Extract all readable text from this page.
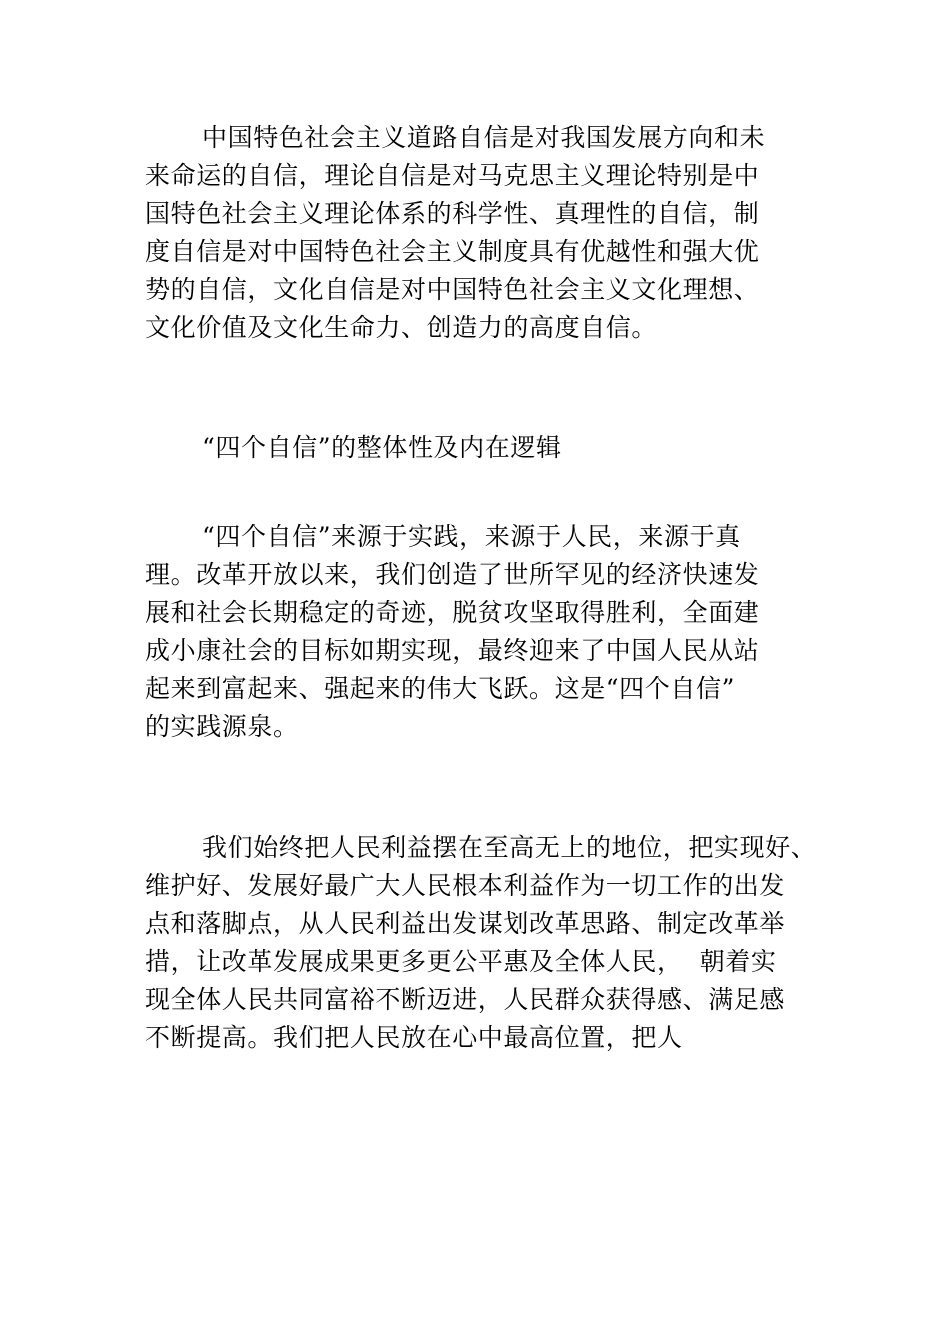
中国特色社会主义道路自信是对我国发展方向和未
来命运的自信，理论自信是对马克思主义理论特别是中
国特色社会主义理论体系的科学性、真理性的自信，制
度自信是对中国特色社会主义制度具有优越性和强大优
势的自信，文化自信是对中国特色社会主义文化理想、
文化价值及文化生命力、创造力的高度自信。
“四个自信”的整体性及内在逻辑
“四个自信”来源于实践，来源于人民，来源于真
理。改革开放以来，我们创造了世所罕见的经济快速发
展和社会长期稳定的奇迹，脱贫攻坚取得胜利，全面建
成小康社会的目标如期实现，最终迎来了中国人民从站
起来到富起来、强起来的伟大飞跃。这是“四个自信”
的实践源泉。
我们始终把人民利益摆在至高无上的地位，把实现好、
维护好、发展好最广大人民根本利益作为一切工作的出发
点和落脚点，从人民利益出发谋划改革思路、制定改革举
措，让改革发展成果更多更公平惠及全体人民，  朝着实
现全体人民共同富裕不断迈进，人民群众获得感、满足感
不断提高。我们把人民放在心中最高位置，把人
